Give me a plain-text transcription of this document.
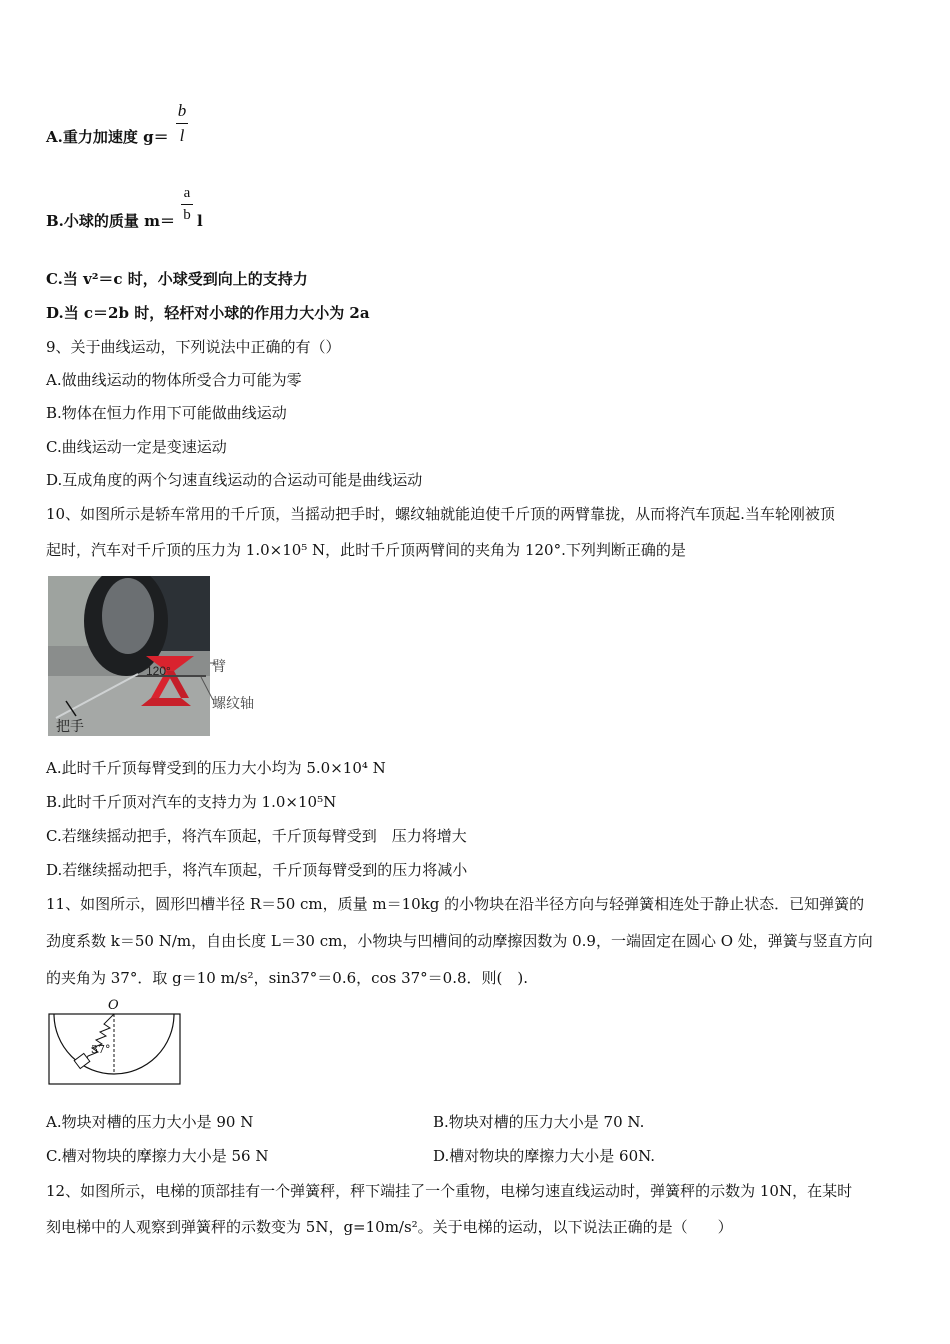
A.重力加速度 g＝
b
l
B.小球的质量 m＝
a
b l
C.当 v²＝c 时，小球受到向上的支持力
D.当 c＝2b 时，轻杆对小球的作用力大小为 2a
9、关于曲线运动，下列说法中正确的有（）
A.做曲线运动的物体所受合力可能为零
B.物体在恒力作用下可能做曲线运动
C.曲线运动一定是变速运动
D.互成角度的两个匀速直线运动的合运动可能是曲线运动
10、如图所示是轿车常用的千斤顶，当摇动把手时，螺纹轴就能迫使千斤顶的两臂靠拢，从而将汽车顶起.当车轮刚被顶
起时，汽车对千斤顶的压力为 1.0×10⁵ N，此时千斤顶两臂间的夹角为 120°.下列判断正确的是
120°	臂
螺纹轴
把手
A.此时千斤顶每臂受到的压力大小均为 5.0×10⁴ N
B.此时千斤顶对汽车的支持力为 1.0×10⁵N
C.若继续摇动把手，将汽车顶起，千斤顶每臂受到　压力将增大
D.若继续摇动把手，将汽车顶起，千斤顶每臂受到的压力将减小
11、如图所示，圆形凹槽半径 R＝50 cm，质量 m＝10kg 的小物块在沿半径方向与轻弹簧相连处于静止状态．已知弹簧的
劲度系数 k＝50 N/m，自由长度 L＝30 cm，小物块与凹槽间的动摩擦因数为 0.9，一端固定在圆心 O 处，弹簧与竖直方向
的夹角为 37°．取 g＝10 m/s²，sin37°＝0.6，cos 37°＝0.8．则(　).
O
37°
A.物块对槽的压力大小是 90 N	B.物块对槽的压力大小是 70 N.
C.槽对物块的摩擦力大小是 56 N	D.槽对物块的摩擦力大小是 60N.
12、如图所示，电梯的顶部挂有一个弹簧秤，秤下端挂了一个重物，电梯匀速直线运动时，弹簧秤的示数为 10N，在某时
刻电梯中的人观察到弹簧秤的示数变为 5N，g=10m/s²。关于电梯的运动，以下说法正确的是（　　）
